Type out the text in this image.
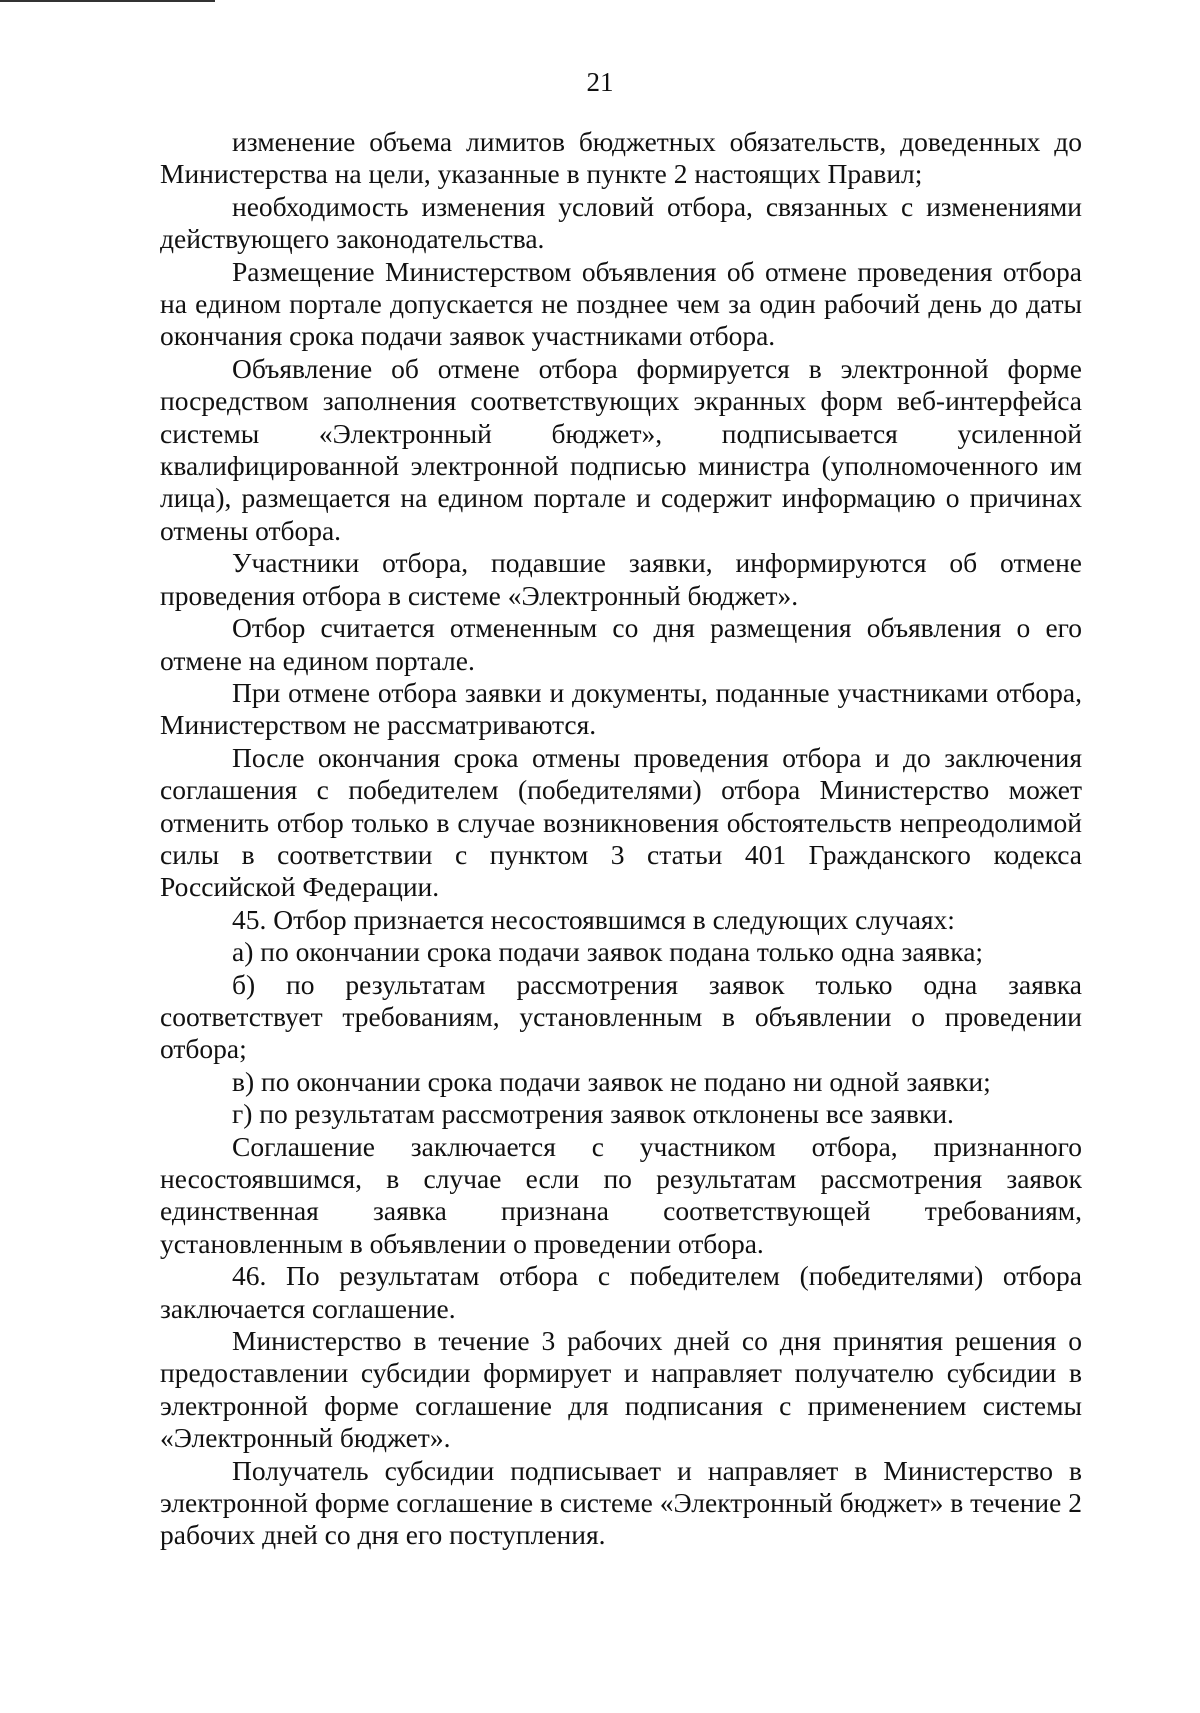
21

изменение объема лимитов бюджетных обязательств, доведенных до Министерства на цели, указанные в пункте 2 настоящих Правил;

необходимость изменения условий отбора, связанных с изменениями действующего законодательства.

Размещение Министерством объявления об отмене проведения отбора на едином портале допускается не позднее чем за один рабочий день до даты окончания срока подачи заявок участниками отбора.

Объявление об отмене отбора формируется в электронной форме посредством заполнения соответствующих экранных форм веб-интерфейса системы «Электронный бюджет», подписывается усиленной квалифицированной электронной подписью министра (уполномоченного им лица), размещается на едином портале и содержит информацию о причинах отмены отбора.

Участники отбора, подавшие заявки, информируются об отмене проведения отбора в системе «Электронный бюджет».

Отбор считается отмененным со дня размещения объявления о его отмене на едином портале.

При отмене отбора заявки и документы, поданные участниками отбора, Министерством не рассматриваются.

После окончания срока отмены проведения отбора и до заключения соглашения с победителем (победителями) отбора Министерство может отменить отбор только в случае возникновения обстоятельств непреодолимой силы в соответствии с пунктом 3 статьи 401 Гражданского кодекса Российской Федерации.

45. Отбор признается несостоявшимся в следующих случаях:

а) по окончании срока подачи заявок подана только одна заявка;

б) по результатам рассмотрения заявок только одна заявка соответствует требованиям, установленным в объявлении о проведении отбора;

в) по окончании срока подачи заявок не подано ни одной заявки;

г) по результатам рассмотрения заявок отклонены все заявки.

Соглашение заключается с участником отбора, признанного несостоявшимся, в случае если по результатам рассмотрения заявок единственная заявка признана соответствующей требованиям, установленным в объявлении о проведении отбора.

46. По результатам отбора с победителем (победителями) отбора заключается соглашение.

Министерство в течение 3 рабочих дней со дня принятия решения о предоставлении субсидии формирует и направляет получателю субсидии в электронной форме соглашение для подписания с применением системы «Электронный бюджет».

Получатель субсидии подписывает и направляет в Министерство в электронной форме соглашение в системе «Электронный бюджет» в течение 2 рабочих дней со дня его поступления.
